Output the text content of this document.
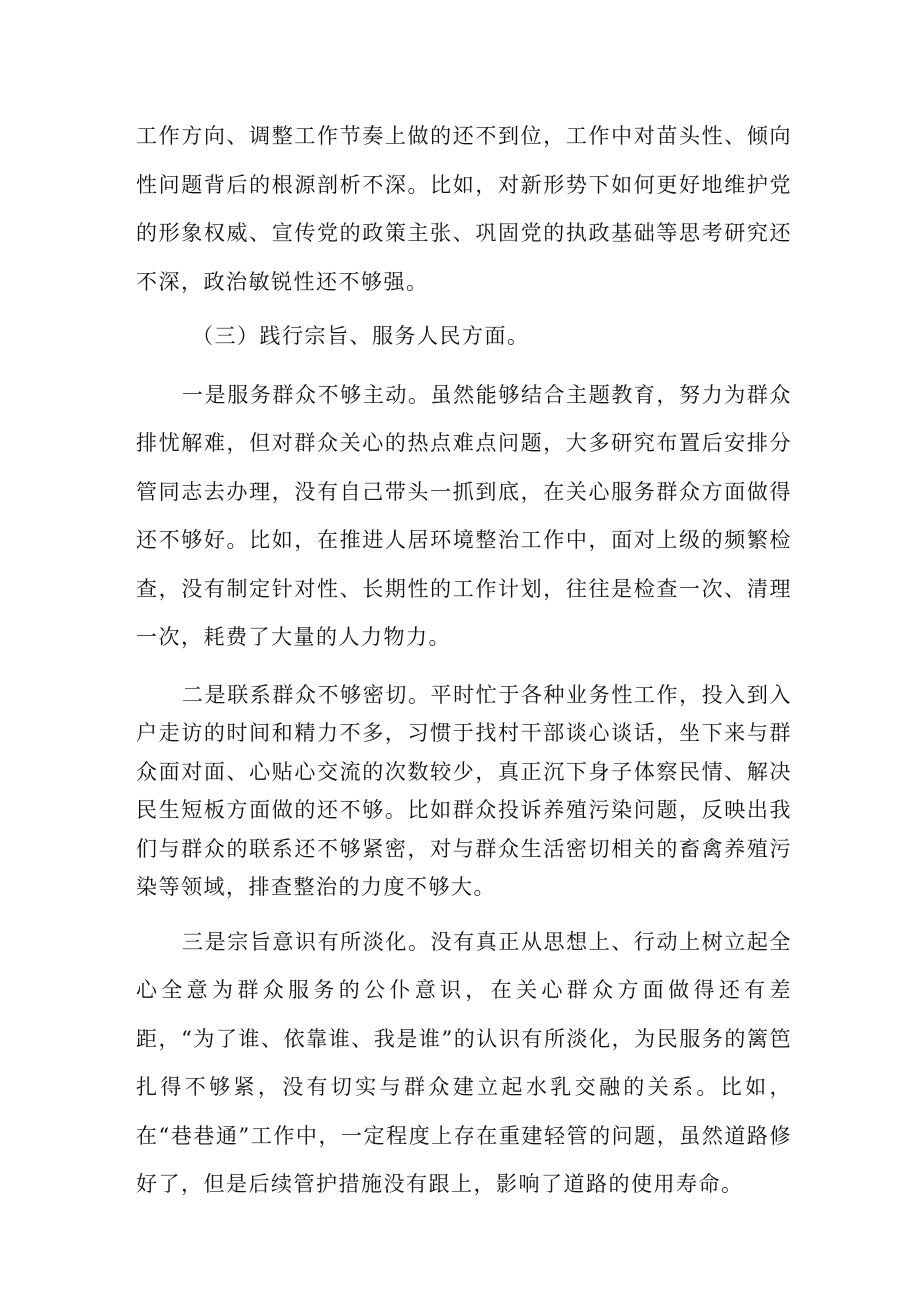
工作方向、调整工作节奏上做的还不到位，工作中对苗头性、倾向性问题背后的根源剖析不深。比如，对新形势下如何更好地维护党的形象权威、宣传党的政策主张、巩固党的执政基础等思考研究还不深，政治敏锐性还不够强。

（三）践行宗旨、服务人民方面。

一是服务群众不够主动。虽然能够结合主题教育，努力为群众排忧解难，但对群众关心的热点难点问题，大多研究布置后安排分管同志去办理，没有自己带头一抓到底，在关心服务群众方面做得还不够好。比如，在推进人居环境整治工作中，面对上级的频繁检查，没有制定针对性、长期性的工作计划，往往是检查一次、清理一次，耗费了大量的人力物力。

二是联系群众不够密切。平时忙于各种业务性工作，投入到入户走访的时间和精力不多，习惯于找村干部谈心谈话，坐下来与群众面对面、心贴心交流的次数较少，真正沉下身子体察民情、解决民生短板方面做的还不够。比如群众投诉养殖污染问题，反映出我们与群众的联系还不够紧密，对与群众生活密切相关的畜禽养殖污染等领域，排查整治的力度不够大。

三是宗旨意识有所淡化。没有真正从思想上、行动上树立起全心全意为群众服务的公仆意识，在关心群众方面做得还有差距，“为了谁、依靠谁、我是谁”的认识有所淡化，为民服务的篱笆扎得不够紧，没有切实与群众建立起水乳交融的关系。比如，在“巷巷通”工作中，一定程度上存在重建轻管的问题，虽然道路修好了，但是后续管护措施没有跟上，影响了道路的使用寿命。
